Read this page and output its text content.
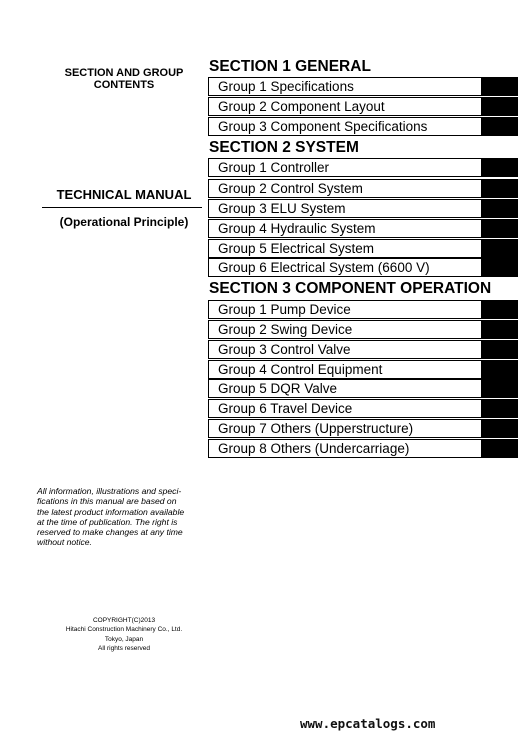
SECTION AND GROUP
CONTENTS
TECHNICAL MANUAL
(Operational Principle)
All information, illustrations and speci-
fications in this manual are based on
the latest product information available
at the time of publication. The right is
reserved to make changes at any time
without notice.
COPYRIGHT(C)2013
Hitachi Construction Machinery Co., Ltd.
Tokyo, Japan
All rights reserved
SECTION 1 GENERAL
Group 1 Specifications
Group 2 Component Layout
Group 3 Component Specifications
SECTION 2 SYSTEM
Group 1 Controller
Group 2 Control System
Group 3 ELU System
Group 4 Hydraulic System
Group 5 Electrical System
Group 6 Electrical System (6600 V)
SECTION 3 COMPONENT OPERATION
Group 1 Pump Device
Group 2 Swing Device
Group 3 Control Valve
Group 4 Control Equipment
Group 5 DQR Valve
Group 6 Travel Device
Group 7 Others (Upperstructure)
Group 8 Others (Undercarriage)
www.epcatalogs.com
